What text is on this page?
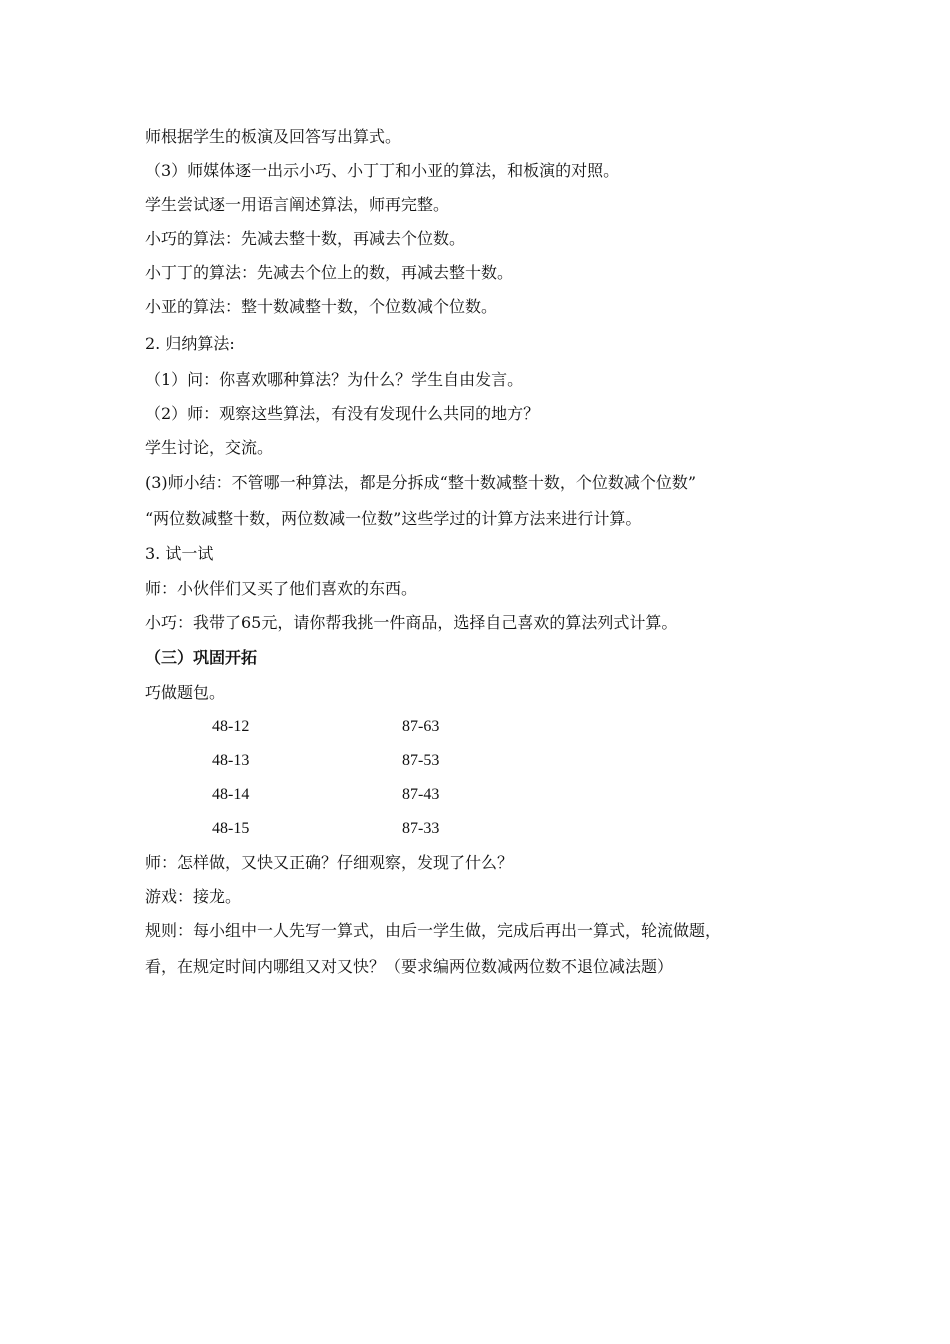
师根据学生的板演及回答写出算式。
（3）师媒体逐一出示小巧、小丁丁和小亚的算法，和板演的对照。
学生尝试逐一用语言阐述算法，师再完整。
小巧的算法：先减去整十数，再减去个位数。
小丁丁的算法：先减去个位上的数，再减去整十数。
小亚的算法：整十数减整十数，个位数减个位数。
2. 归纳算法:
（1）问：你喜欢哪种算法？为什么？学生自由发言。
（2）师：观察这些算法，有没有发现什么共同的地方？
学生讨论，交流。
(3)师小结：不管哪一种算法，都是分拆成“整十数减整十数，个位数减个位数”
“两位数减整十数，两位数减一位数”这些学过的计算方法来进行计算。
3. 试一试
师：小伙伴们又买了他们喜欢的东西。
小巧：我带了65元，请你帮我挑一件商品，选择自己喜欢的算法列式计算。
（三）巩固开拓
巧做题包。
48-12	87-63
48-13	87-53
48-14	87-43
48-15	87-33
师：怎样做，又快又正确？仔细观察，发现了什么？
游戏：接龙。
规则：每小组中一人先写一算式，由后一学生做，完成后再出一算式，轮流做题，
看，在规定时间内哪组又对又快？（要求编两位数减两位数不退位减法题）
